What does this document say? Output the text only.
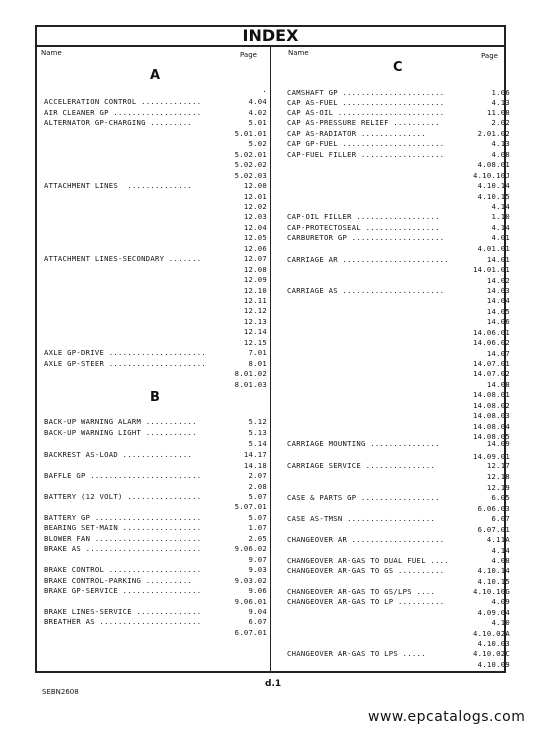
INDEX
Name	Page	Name	Page
A
B
C
·
ACCELERATION CONTROL .............	4.04
AIR CLEANER GP ...................	4.02
ALTERNATOR GP-CHARGING .........	5.01
5.01.01
5.02
5.02.01
5.02.02
5.02.03
ATTACHMENT LINES  ..............	12.00
12.01
12.02
12.03
12.04
12.05
12.06
ATTACHMENT LINES-SECONDARY .......	12.07
12.08
12.09
12.10
12.11
12.12
12.13
12.14
12.15
AXLE GP-DRIVE .....................	7.01
AXLE GP-STEER .....................	8.01
8.01.02
8.01.03
BACK-UP WARNING ALARM ...........	5.12
BACK-UP WARNING LIGHT ...........	5.13
5.14
BACKREST AS-LOAD ...............	14.17
14.18
BAFFLE GP ........................	2.07
2.08
BATTERY (12 VOLT) ................	5.07
5.07.01
BATTERY GP .......................	5.07
BEARING SET-MAIN .................	1.07
BLOWER FAN .......................	2.05
BRAKE AS .........................	9.06.02
9.07
BRAKE CONTROL ....................	9.03
BRAKE CONTROL-PARKING ..........	9.03.02
BRAKE GP-SERVICE .................	9.06
9.06.01
BRAKE LINES-SERVICE ..............	9.04
BREATHER AS ......................	6.07
6.07.01
CAMSHAFT GP ......................	1.06
CAP AS-FUEL ......................	4.13
CAP AS-OIL .......................	11.08
CAP AS-PRESSURE RELIEF ..........	2.02
CAP AS-RADIATOR ..............	2.01.02
CAP GP-FUEL ......................	4.13
CAP-FUEL FILLER ..................	4.08
4.08.01
4.10.10J
4.10.14
4.10.15
4.14
CAP-OIL FILLER ..................	1.10
CAP-PROTECTOSEAL ................	4.14
CARBURETOR GP ....................	4.01
4.01.01
CARRIAGE AR .......................	14.01
14.01.01
14.02
CARRIAGE AS ......................	14.03
14.04
14.05
14.06
14.06.01
14.06.02
14.07
14.07.01
14.07.02
14.08
14.08.01
14.08.02
14.08.03
14.08.04
14.08.05
CARRIAGE MOUNTING ...............	14.09
14.09.01
CARRIAGE SERVICE ...............	12.17
12.18
12.19
CASE & PARTS GP .................	6.05
6.06.03
CASE AS-TMSN ...................	6.07
6.07.01
CHANGEOVER AR ....................	4.11A
4.14
CHANGEOVER AR-GAS TO DUAL FUEL ....	4.08
CHANGEOVER AR-GAS TO GS ..........	4.10.14
4.10.15
CHANGEOVER AR-GAS TO GS/LPS ....	4.10.10G
CHANGEOVER AR-GAS TO LP ..........	4.09
4.09.04
4.10
4.10.02A
4.10.03
CHANGEOVER AR-GAS TO LPS .....	4.10.02C
4.10.09
d.1
SEBN2608
www.epcatalogs.com
